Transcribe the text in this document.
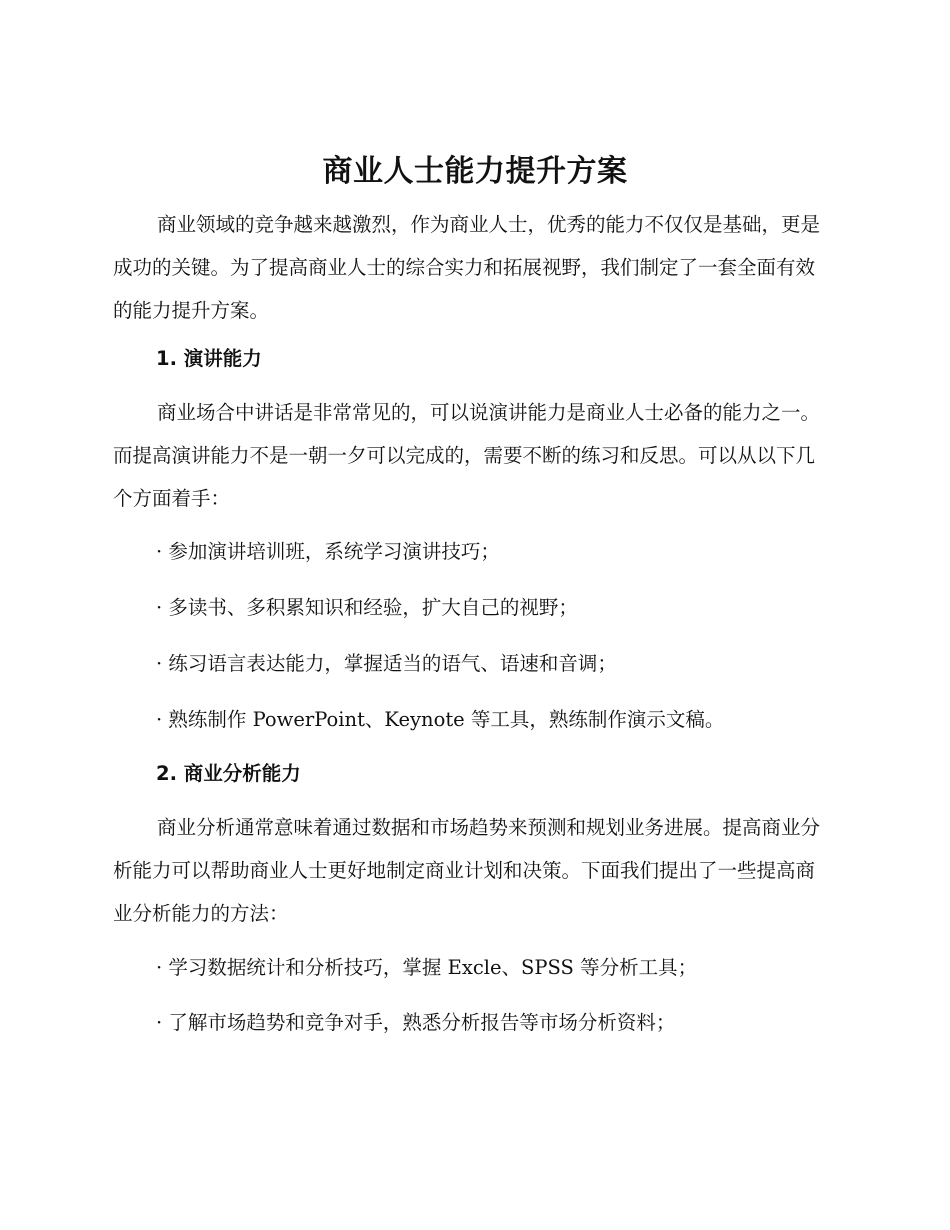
商业人士能力提升方案

商业领域的竞争越来越激烈，作为商业人士，优秀的能力不仅仅是基础，更是成功的关键。为了提高商业人士的综合实力和拓展视野，我们制定了一套全面有效的能力提升方案。

1. 演讲能力

商业场合中讲话是非常常见的，可以说演讲能力是商业人士必备的能力之一。而提高演讲能力不是一朝一夕可以完成的，需要不断的练习和反思。可以从以下几个方面着手：

· 参加演讲培训班，系统学习演讲技巧；

· 多读书、多积累知识和经验，扩大自己的视野；

· 练习语言表达能力，掌握适当的语气、语速和音调；

· 熟练制作 PowerPoint、Keynote 等工具，熟练制作演示文稿。

2. 商业分析能力

商业分析通常意味着通过数据和市场趋势来预测和规划业务进展。提高商业分析能力可以帮助商业人士更好地制定商业计划和决策。下面我们提出了一些提高商业分析能力的方法：

· 学习数据统计和分析技巧，掌握 Excle、SPSS 等分析工具；

· 了解市场趋势和竞争对手，熟悉分析报告等市场分析资料；
